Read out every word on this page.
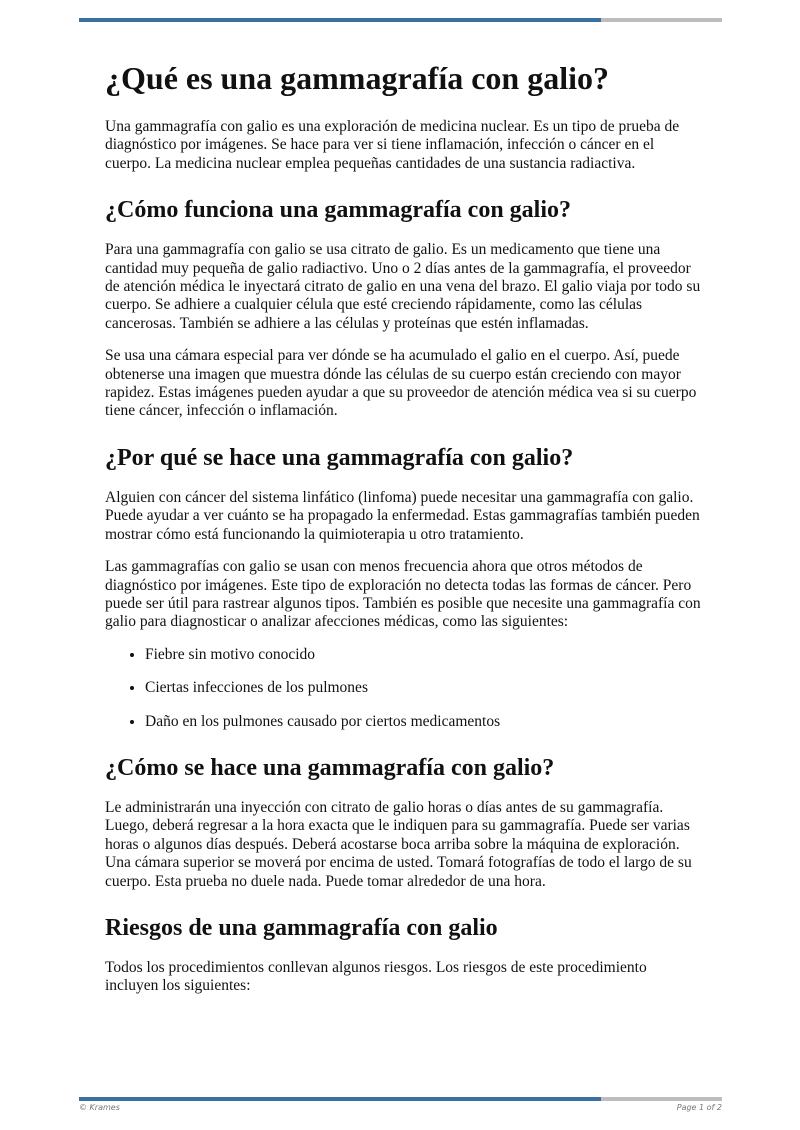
¿Qué es una gammagrafía con galio?

Una gammagrafía con galio es una exploración de medicina nuclear. Es un tipo de prueba de diagnóstico por imágenes. Se hace para ver si tiene inflamación, infección o cáncer en el cuerpo. La medicina nuclear emplea pequeñas cantidades de una sustancia radiactiva.

¿Cómo funciona una gammagrafía con galio?

Para una gammagrafía con galio se usa citrato de galio. Es un medicamento que tiene una cantidad muy pequeña de galio radiactivo. Uno o 2 días antes de la gammagrafía, el proveedor de atención médica le inyectará citrato de galio en una vena del brazo. El galio viaja por todo su cuerpo. Se adhiere a cualquier célula que esté creciendo rápidamente, como las células cancerosas. También se adhiere a las células y proteínas que estén inflamadas.

Se usa una cámara especial para ver dónde se ha acumulado el galio en el cuerpo. Así, puede obtenerse una imagen que muestra dónde las células de su cuerpo están creciendo con mayor rapidez. Estas imágenes pueden ayudar a que su proveedor de atención médica vea si su cuerpo tiene cáncer, infección o inflamación.

¿Por qué se hace una gammagrafía con galio?

Alguien con cáncer del sistema linfático (linfoma) puede necesitar una gammagrafía con galio. Puede ayudar a ver cuánto se ha propagado la enfermedad. Estas gammagrafías también pueden mostrar cómo está funcionando la quimioterapia u otro tratamiento.

Las gammagrafías con galio se usan con menos frecuencia ahora que otros métodos de diagnóstico por imágenes. Este tipo de exploración no detecta todas las formas de cáncer. Pero puede ser útil para rastrear algunos tipos. También es posible que necesite una gammagrafía con galio para diagnosticar o analizar afecciones médicas, como las siguientes:

• Fiebre sin motivo conocido
• Ciertas infecciones de los pulmones
• Daño en los pulmones causado por ciertos medicamentos
¿Cómo se hace una gammagrafía con galio?

Le administrarán una inyección con citrato de galio horas o días antes de su gammagrafía. Luego, deberá regresar a la hora exacta que le indiquen para su gammagrafía. Puede ser varias horas o algunos días después. Deberá acostarse boca arriba sobre la máquina de exploración. Una cámara superior se moverá por encima de usted. Tomará fotografías de todo el largo de su cuerpo. Esta prueba no duele nada. Puede tomar alrededor de una hora.

Riesgos de una gammagrafía con galio

Todos los procedimientos conllevan algunos riesgos. Los riesgos de este procedimiento incluyen los siguientes:

© Krames	Page 1 of 2
